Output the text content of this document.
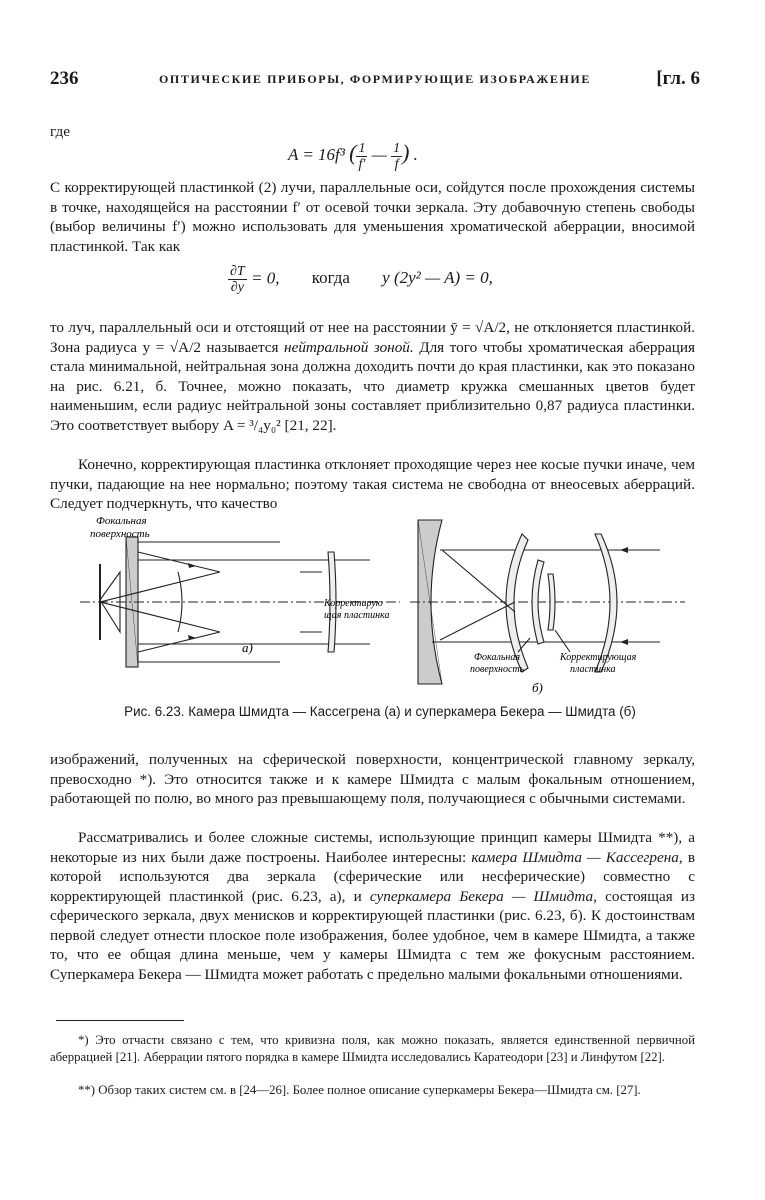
236	ОПТИЧЕСКИЕ ПРИБОРЫ, ФОРМИРУЮЩИЕ ИЗОБРАЖЕНИЕ	[гл. 6

где

A = 16f³ ( $\frac{1}{f'}$ — $\frac{1}{f}$ ) .

С корректирующей пластинкой (2) лучи, параллельные оси, сойдутся после прохождения системы в точке, находящейся на расстоянии f′ от осевой точки зеркала. Эту добавочную степень свободы (выбор величины f′) можно использовать для уменьшения хроматической аберрации, вносимой пластинкой. Так как

$\frac{\partial T}{\partial y} = 0$, когда y (2y² — A) = 0,

то луч, параллельный оси и отстоящий от нее на расстоянии ȳ = √A/2, не отклоняется пластинкой. Зона радиуса y = √A/2 называется нейтральной зоной. Для того чтобы хроматическая аберрация стала минимальной, нейтральная зона должна доходить почти до края пластинки, как это показано на рис. 6.21, б. Точнее, можно показать, что диаметр кружка смешанных цветов будет наименьшим, если радиус нейтральной зоны составляет приблизительно 0,87 радиуса пластинки. Это соответствует выбору A = ³/₄y₀² [21, 22].

Конечно, корректирующая пластинка отклоняет проходящие через нее косые пучки иначе, чем пучки, падающие на нее нормально; поэтому такая система не свободна от внеосевых аберраций. Следует подчеркнуть, что качество

Фокальная
поверхность
Корректирую
щая пластинка
а)
Фокальная
поверхность
Корректирующая
пластинка
б)
Рис. 6.23. Камера Шмидта — Кассегрена (а) и суперкамера Бекера — Шмидта (б)

изображений, полученных на сферической поверхности, концентрической главному зеркалу, превосходно *). Это относится также и к камере Шмидта с малым фокальным отношением, работающей по полю, во много раз превышающему поля, получающиеся с обычными системами.

Рассматривались и более сложные системы, использующие принцип камеры Шмидта **), а некоторые из них были даже построены. Наиболее интересны: камера Шмидта — Кассегрена, в которой используются два зеркала (сферические или несферические) совместно с корректирующей пластинкой (рис. 6.23, а), и суперкамера Бекера — Шмидта, состоящая из сферического зеркала, двух менисков и корректирующей пластинки (рис. 6.23, б). К достоинствам первой следует отнести плоское поле изображения, более удобное, чем в камере Шмидта, а также то, что ее общая длина меньше, чем у камеры Шмидта с тем же фокусным расстоянием. Суперкамера Бекера — Шмидта может работать с предельно малыми фокальными отношениями.

*) Это отчасти связано с тем, что кривизна поля, как можно показать, является единственной первичной аберрацией [21]. Аберрации пятого порядка в камере Шмидта исследовались Каратеодори [23] и Линфутом [22].

**) Обзор таких систем см. в [24—26]. Более полное описание суперкамеры Бекера—Шмидта см. [27].
